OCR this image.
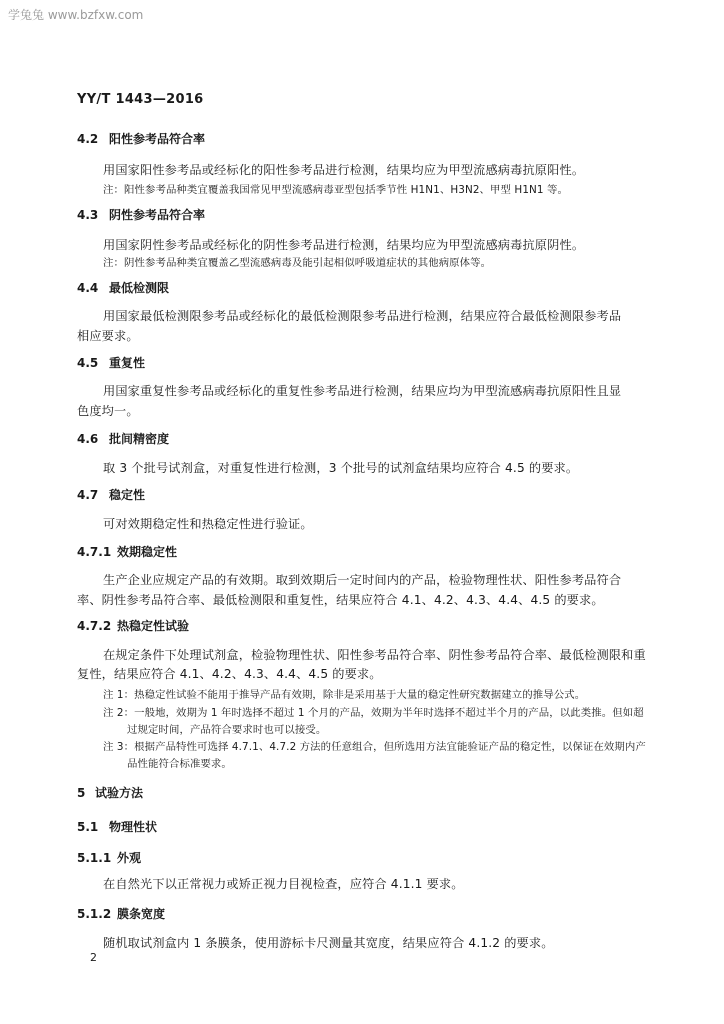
学兔兔 www.bzfxw.com
YY/T 1443—2016
4.2 阳性参考品符合率
用国家阳性参考品或经标化的阳性参考品进行检测，结果均应为甲型流感病毒抗原阳性。
注：阳性参考品种类宜覆盖我国常见甲型流感病毒亚型包括季节性 H1N1、H3N2、甲型 H1N1 等。
4.3 阴性参考品符合率
用国家阴性参考品或经标化的阴性参考品进行检测，结果均应为甲型流感病毒抗原阴性。
注：阴性参考品种类宜覆盖乙型流感病毒及能引起相似呼吸道症状的其他病原体等。
4.4 最低检测限
用国家最低检测限参考品或经标化的最低检测限参考品进行检测，结果应符合最低检测限参考品
相应要求。
4.5 重复性
用国家重复性参考品或经标化的重复性参考品进行检测，结果应均为甲型流感病毒抗原阳性且显
色度均一。
4.6 批间精密度
取 3 个批号试剂盒，对重复性进行检测，3 个批号的试剂盒结果均应符合 4.5 的要求。
4.7 稳定性
可对效期稳定性和热稳定性进行验证。
4.7.1 效期稳定性
生产企业应规定产品的有效期。取到效期后一定时间内的产品，检验物理性状、阳性参考品符合
率、阴性参考品符合率、最低检测限和重复性，结果应符合 4.1、4.2、4.3、4.4、4.5 的要求。
4.7.2 热稳定性试验
在规定条件下处理试剂盒，检验物理性状、阳性参考品符合率、阴性参考品符合率、最低检测限和重
复性，结果应符合 4.1、4.2、4.3、4.4、4.5 的要求。
注 1：热稳定性试验不能用于推导产品有效期，除非是采用基于大量的稳定性研究数据建立的推导公式。
注 2：一般地，效期为 1 年时选择不超过 1 个月的产品，效期为半年时选择不超过半个月的产品，以此类推。但如超
过规定时间，产品符合要求时也可以接受。
注 3：根据产品特性可选择 4.7.1、4.7.2 方法的任意组合，但所选用方法宜能验证产品的稳定性，以保证在效期内产
品性能符合标准要求。
5 试验方法
5.1 物理性状
5.1.1 外观
在自然光下以正常视力或矫正视力目视检查，应符合 4.1.1 要求。
5.1.2 膜条宽度
随机取试剂盒内 1 条膜条，使用游标卡尺测量其宽度，结果应符合 4.1.2 的要求。
2
